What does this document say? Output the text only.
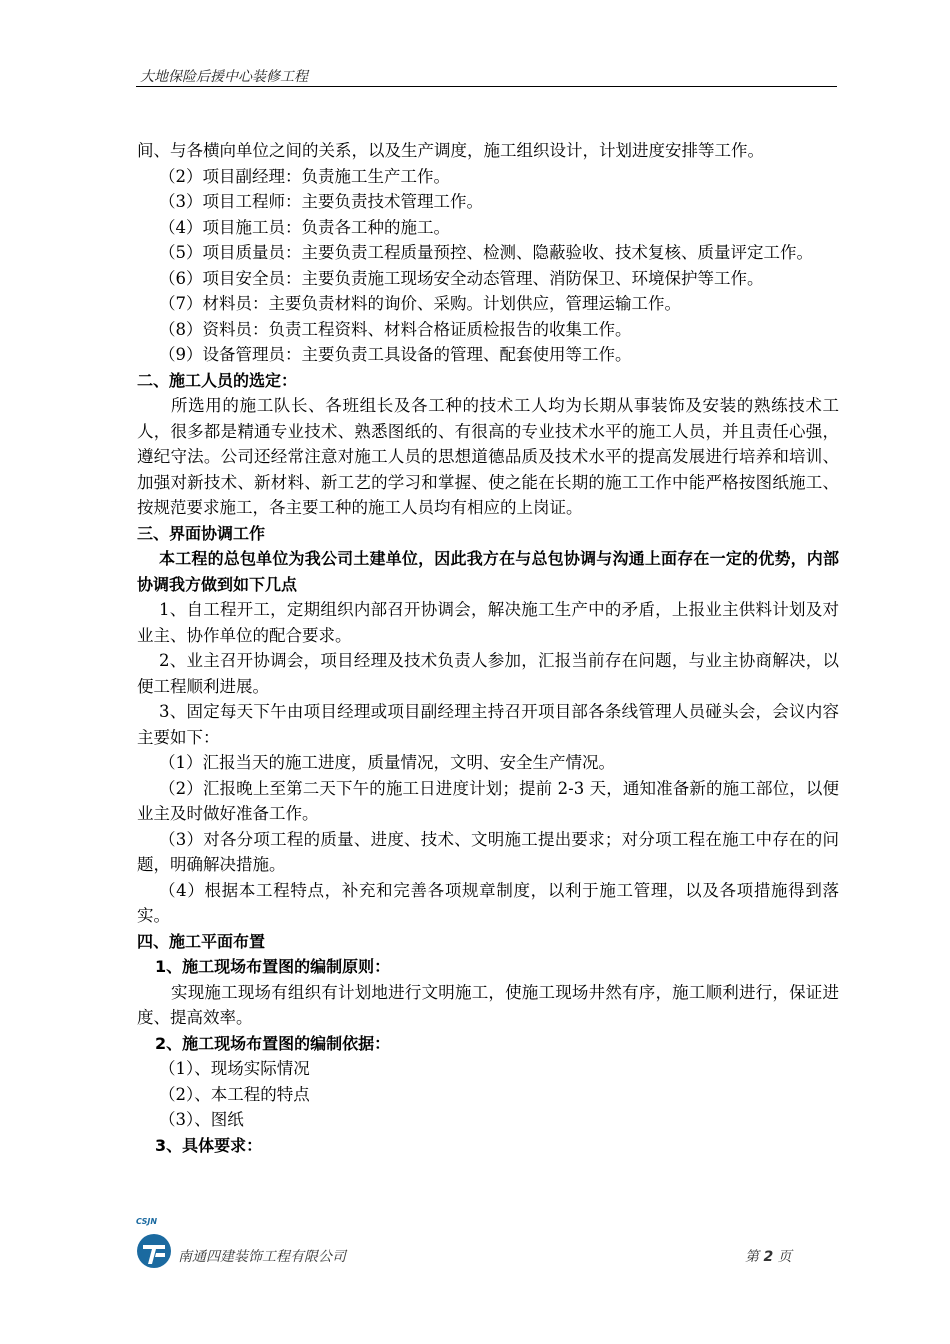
大地保险后援中心装修工程

间、与各横向单位之间的关系，以及生产调度，施工组织设计，计划进度安排等工作。

（2）项目副经理：负责施工生产工作。

（3）项目工程师：主要负责技术管理工作。

（4）项目施工员：负责各工种的施工。

（5）项目质量员：主要负责工程质量预控、检测、隐蔽验收、技术复核、质量评定工作。

（6）项目安全员：主要负责施工现场安全动态管理、消防保卫、环境保护等工作。

（7）材料员：主要负责材料的询价、采购。计划供应，管理运输工作。

（8）资料员：负责工程资料、材料合格证质检报告的收集工作。

（9）设备管理员：主要负责工具设备的管理、配套使用等工作。

二、施工人员的选定：

所选用的施工队长、各班组长及各工种的技术工人均为长期从事装饰及安装的熟练技术工人，很多都是精通专业技术、熟悉图纸的、有很高的专业技术水平的施工人员，并且责任心强，遵纪守法。公司还经常注意对施工人员的思想道德品质及技术水平的提高发展进行培养和培训、加强对新技术、新材料、新工艺的学习和掌握、使之能在长期的施工工作中能严格按图纸施工、按规范要求施工，各主要工种的施工人员均有相应的上岗证。

三、界面协调工作

本工程的总包单位为我公司土建单位，因此我方在与总包协调与沟通上面存在一定的优势，内部协调我方做到如下几点

1、自工程开工，定期组织内部召开协调会，解决施工生产中的矛盾，上报业主供料计划及对业主、协作单位的配合要求。

2、业主召开协调会，项目经理及技术负责人参加，汇报当前存在问题，与业主协商解决，以便工程顺利进展。

3、固定每天下午由项目经理或项目副经理主持召开项目部各条线管理人员碰头会，会议内容主要如下：

（1）汇报当天的施工进度，质量情况，文明、安全生产情况。

（2）汇报晚上至第二天下午的施工日进度计划；提前 2-3 天，通知准备新的施工部位，以便业主及时做好准备工作。

（3）对各分项工程的质量、进度、技术、文明施工提出要求；对分项工程在施工中存在的问题，明确解决措施。

（4）根据本工程特点，补充和完善各项规章制度，以利于施工管理，以及各项措施得到落实。

四、施工平面布置

1、施工现场布置图的编制原则：

实现施工现场有组织有计划地进行文明施工，使施工现场井然有序，施工顺利进行，保证进度、提高效率。

2、施工现场布置图的编制依据：

（1）、现场实际情况

（2）、本工程的特点

（3）、图纸

3、具体要求：

CSJN
南通四建装饰工程有限公司	第 2 页
